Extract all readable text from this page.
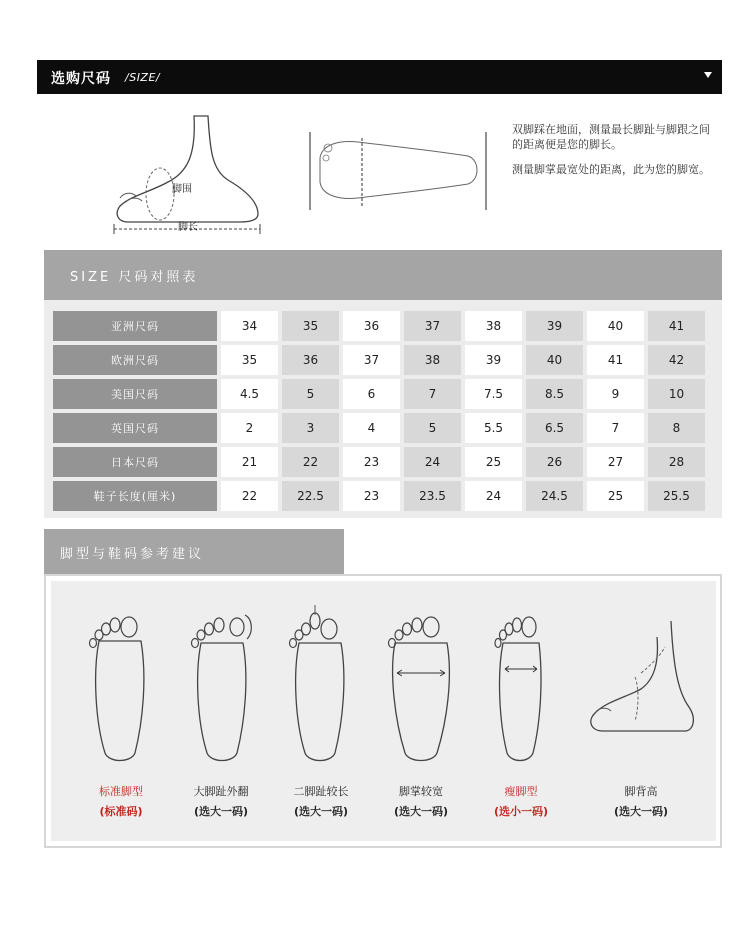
选购尺码 /SIZE/
脚围
脚长

双脚踩在地面，测量最长脚趾与脚跟之间的距离便是您的脚长。

测量脚掌最宽处的距离，此为您的脚宽。

SIZE 尺码对照表
亚洲尺码	34	35	36	37	38	39	40	41
欧洲尺码	35	36	37	38	39	40	41	42
美国尺码	4.5	5	6	7	7.5	8.5	9	10
英国尺码	2	3	4	5	5.5	6.5	7	8
日本尺码	21	22	23	24	25	26	27	28
鞋子长度(厘米)	22	22.5	23	23.5	24	24.5	25	25.5
脚型与鞋码参考建议
标准脚型
(标准码)
大脚趾外翻
(选大一码)
二脚趾较长
(选大一码)
脚掌较宽
(选大一码)
瘦脚型
(选小一码)
脚背高
(选大一码)
